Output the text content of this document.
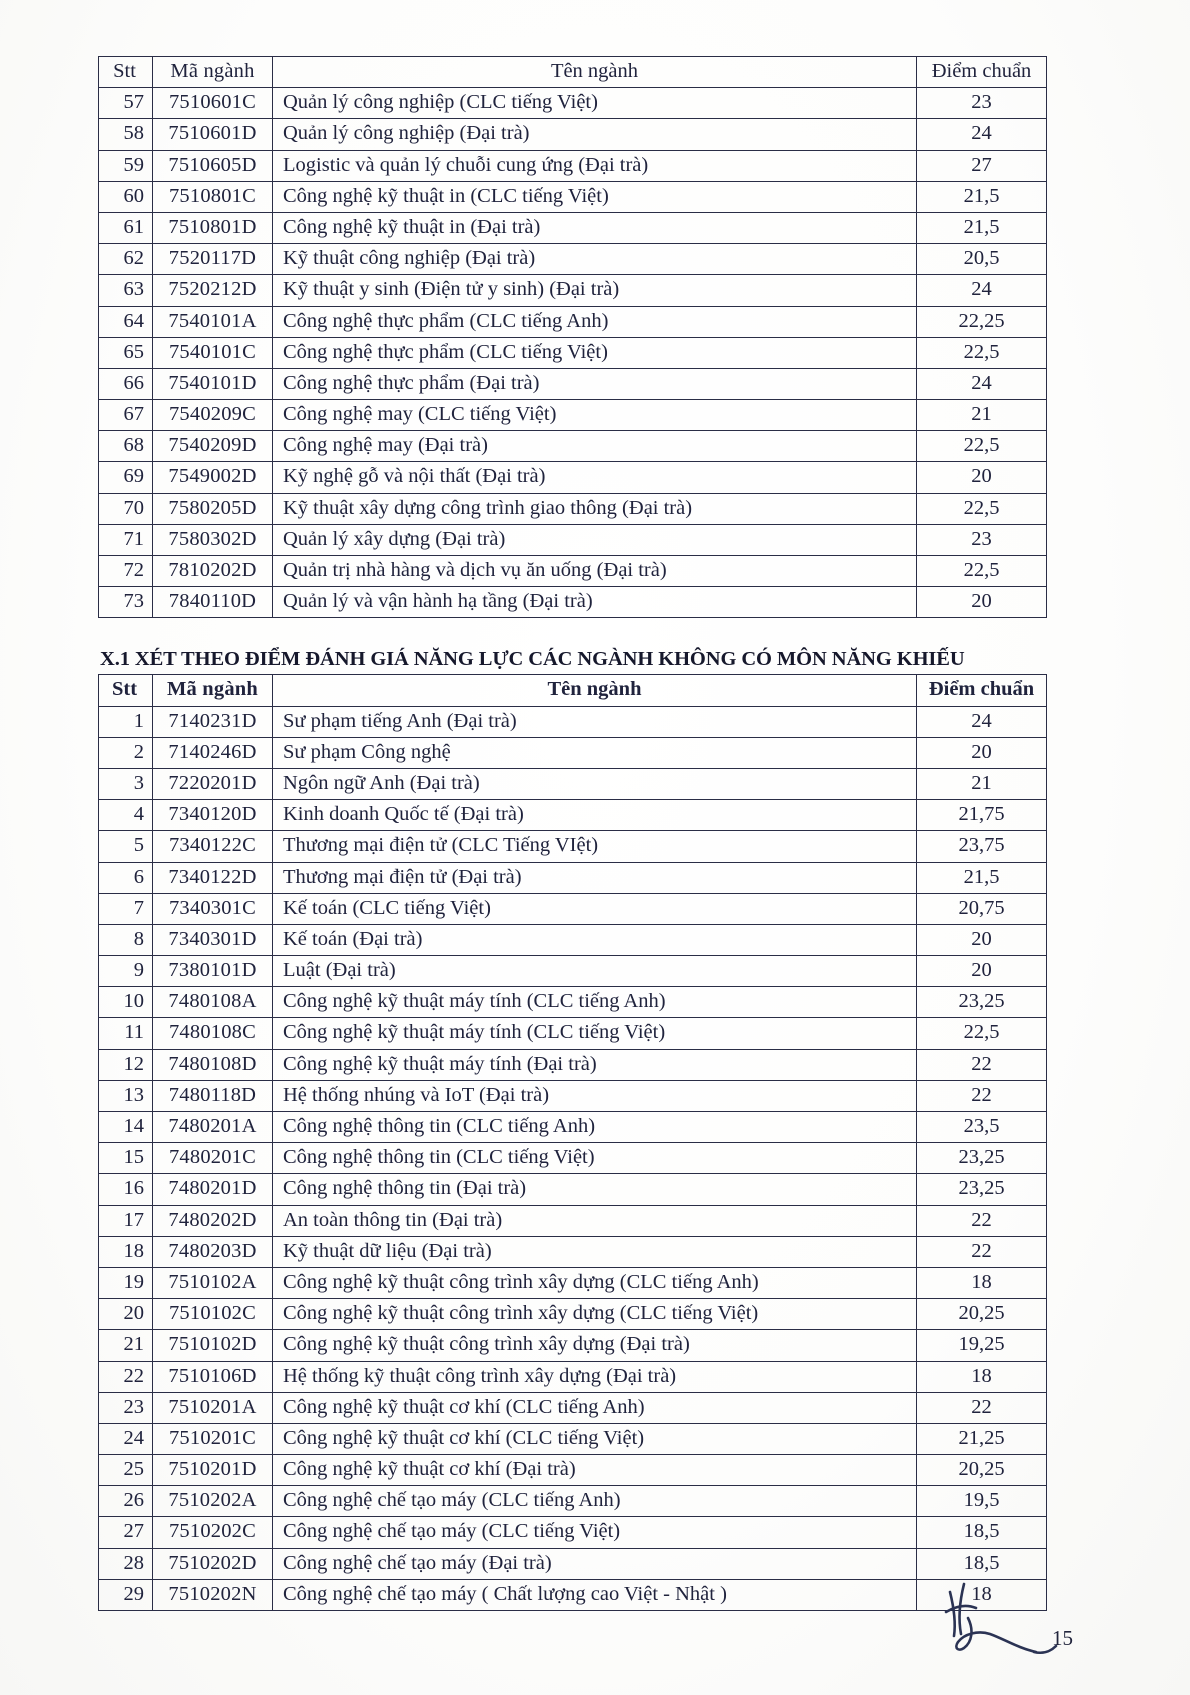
Stt	Mã ngành	Tên ngành	Điểm chuẩn
57	7510601C	Quản lý công nghiệp (CLC tiếng Việt)	23
58	7510601D	Quản lý công nghiệp (Đại trà)	24
59	7510605D	Logistic và quản lý chuỗi cung ứng (Đại trà)	27
60	7510801C	Công nghệ kỹ thuật in (CLC tiếng Việt)	21,5
61	7510801D	Công nghệ kỹ thuật in (Đại trà)	21,5
62	7520117D	Kỹ thuật công nghiệp (Đại trà)	20,5
63	7520212D	Kỹ thuật y sinh (Điện tử y sinh) (Đại trà)	24
64	7540101A	Công nghệ thực phẩm (CLC tiếng Anh)	22,25
65	7540101C	Công nghệ thực phẩm (CLC tiếng Việt)	22,5
66	7540101D	Công nghệ thực phẩm (Đại trà)	24
67	7540209C	Công nghệ may (CLC tiếng Việt)	21
68	7540209D	Công nghệ may (Đại trà)	22,5
69	7549002D	Kỹ nghệ gỗ và nội thất (Đại trà)	20
70	7580205D	Kỹ thuật xây dựng công trình giao thông (Đại trà)	22,5
71	7580302D	Quản lý xây dựng (Đại trà)	23
72	7810202D	Quản trị nhà hàng và dịch vụ ăn uống (Đại trà)	22,5
73	7840110D	Quản lý và vận hành hạ tầng (Đại trà)	20

X.1 XÉT THEO ĐIỂM ĐÁNH GIÁ NĂNG LỰC CÁC NGÀNH KHÔNG CÓ MÔN NĂNG KHIẾU

Stt	Mã ngành	Tên ngành	Điểm chuẩn
1	7140231D	Sư phạm tiếng Anh (Đại trà)	24
2	7140246D	Sư phạm Công nghệ	20
3	7220201D	Ngôn ngữ Anh (Đại trà)	21
4	7340120D	Kinh doanh Quốc tế (Đại trà)	21,75
5	7340122C	Thương mại điện tử (CLC Tiếng VIệt)	23,75
6	7340122D	Thương mại điện tử (Đại trà)	21,5
7	7340301C	Kế toán (CLC tiếng Việt)	20,75
8	7340301D	Kế toán (Đại trà)	20
9	7380101D	Luật (Đại trà)	20
10	7480108A	Công nghệ kỹ thuật máy tính (CLC tiếng Anh)	23,25
11	7480108C	Công nghệ kỹ thuật máy tính (CLC tiếng Việt)	22,5
12	7480108D	Công nghệ kỹ thuật máy tính (Đại trà)	22
13	7480118D	Hệ thống nhúng và IoT (Đại trà)	22
14	7480201A	Công nghệ thông tin (CLC tiếng Anh)	23,5
15	7480201C	Công nghệ thông tin (CLC tiếng Việt)	23,25
16	7480201D	Công nghệ thông tin (Đại trà)	23,25
17	7480202D	An toàn thông tin (Đại trà)	22
18	7480203D	Kỹ thuật dữ liệu (Đại trà)	22
19	7510102A	Công nghệ kỹ thuật công trình xây dựng (CLC tiếng Anh)	18
20	7510102C	Công nghệ kỹ thuật công trình xây dựng (CLC tiếng Việt)	20,25
21	7510102D	Công nghệ kỹ thuật công trình xây dựng (Đại trà)	19,25
22	7510106D	Hệ thống kỹ thuật công trình xây dựng (Đại trà)	18
23	7510201A	Công nghệ kỹ thuật cơ khí (CLC tiếng Anh)	22
24	7510201C	Công nghệ kỹ thuật cơ khí (CLC tiếng Việt)	21,25
25	7510201D	Công nghệ kỹ thuật cơ khí (Đại trà)	20,25
26	7510202A	Công nghệ chế tạo máy (CLC tiếng Anh)	19,5
27	7510202C	Công nghệ chế tạo máy (CLC tiếng Việt)	18,5
28	7510202D	Công nghệ chế tạo máy (Đại trà)	18,5
29	7510202N	Công nghệ chế tạo máy ( Chất lượng cao Việt - Nhật )	18
15
